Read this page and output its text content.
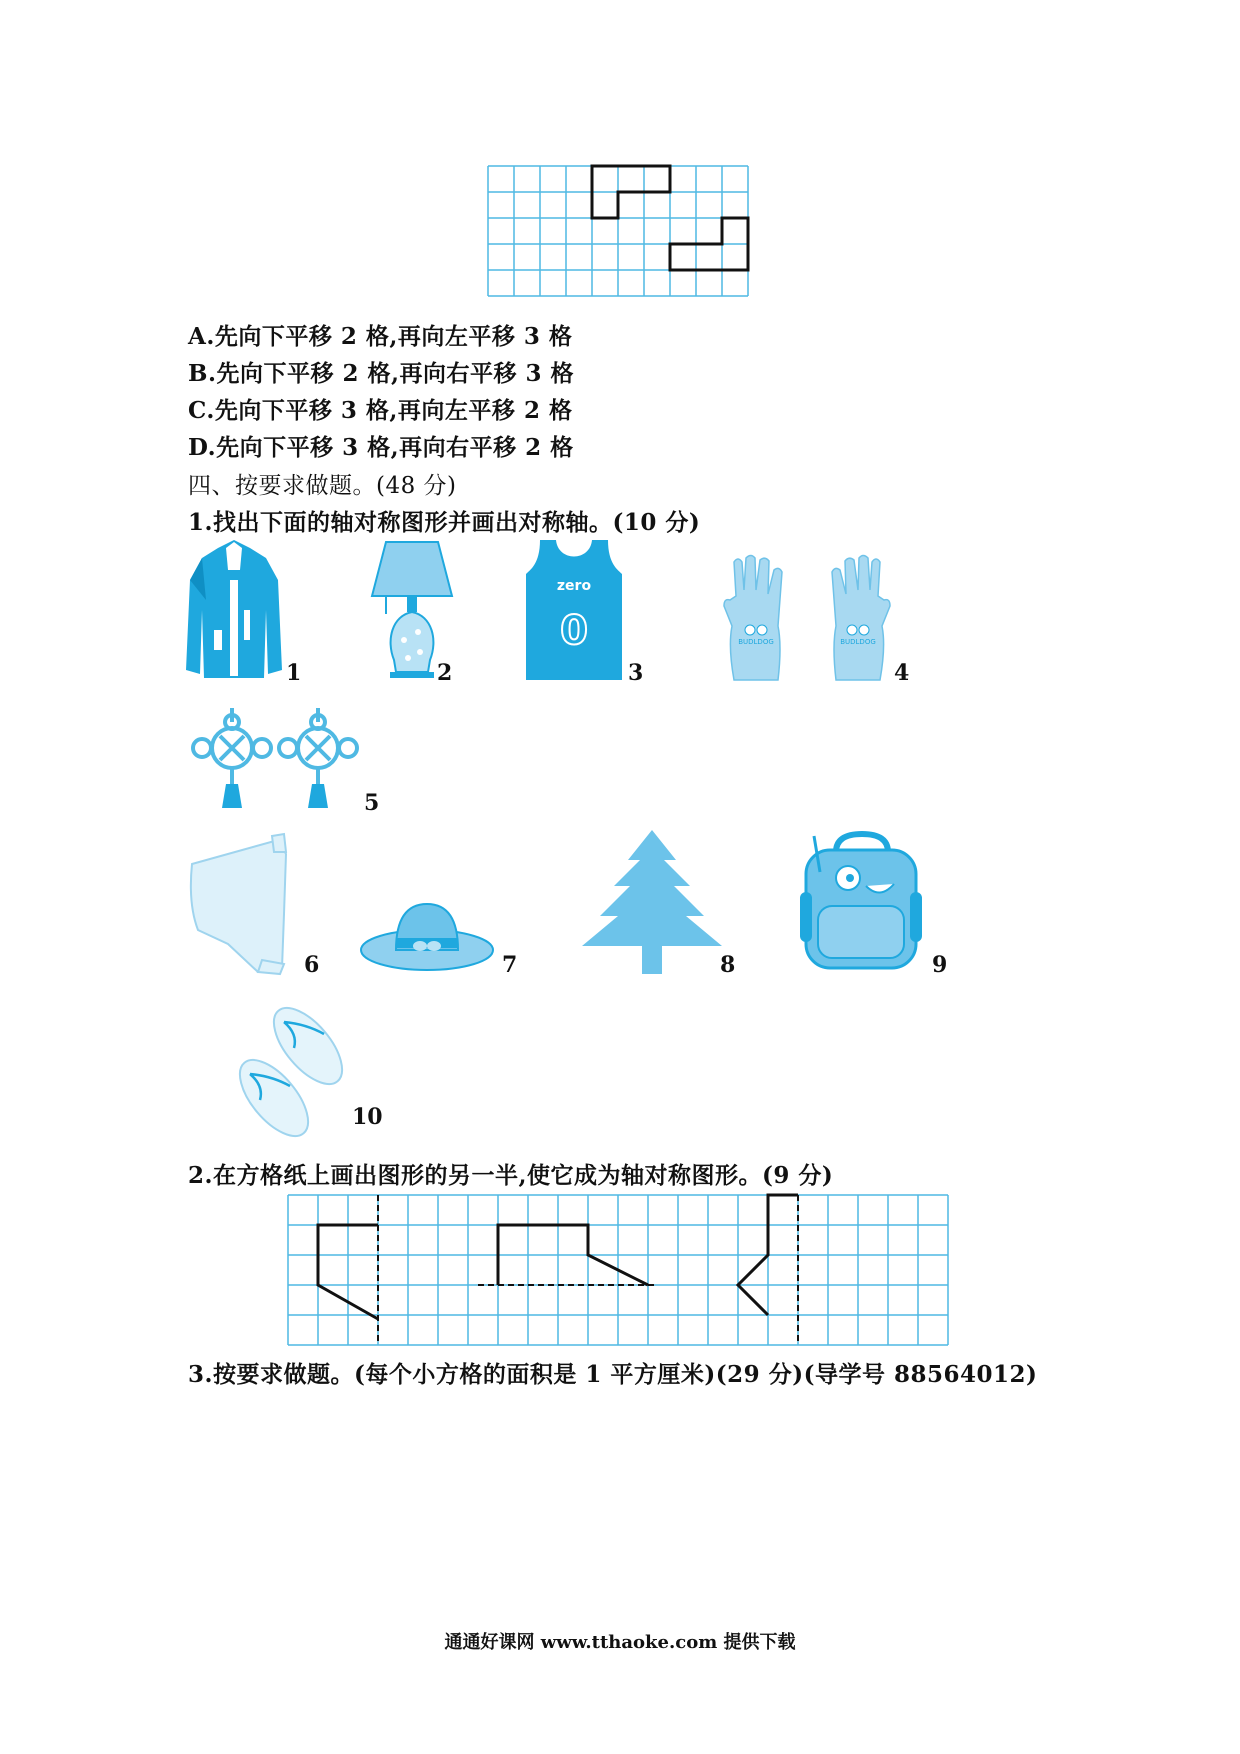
A.先向下平移 2 格,再向左平移 3 格
B.先向下平移 2 格,再向右平移 3 格
C.先向下平移 3 格,再向左平移 2 格
D.先向下平移 3 格,再向右平移 2 格
四、按要求做题。(48 分)
1.找出下面的轴对称图形并画出对称轴。(10 分)
1	2
zero
0
3
BUDLDOG	BUDLDOG
4
5
6	7	8	9
10
2.在方格纸上画出图形的另一半,使它成为轴对称图形。(9 分)
3.按要求做题。(每个小方格的面积是 1 平方厘米)(29 分)(导学号 88564012)
通通好课网 www.tthaoke.com 提供下载
